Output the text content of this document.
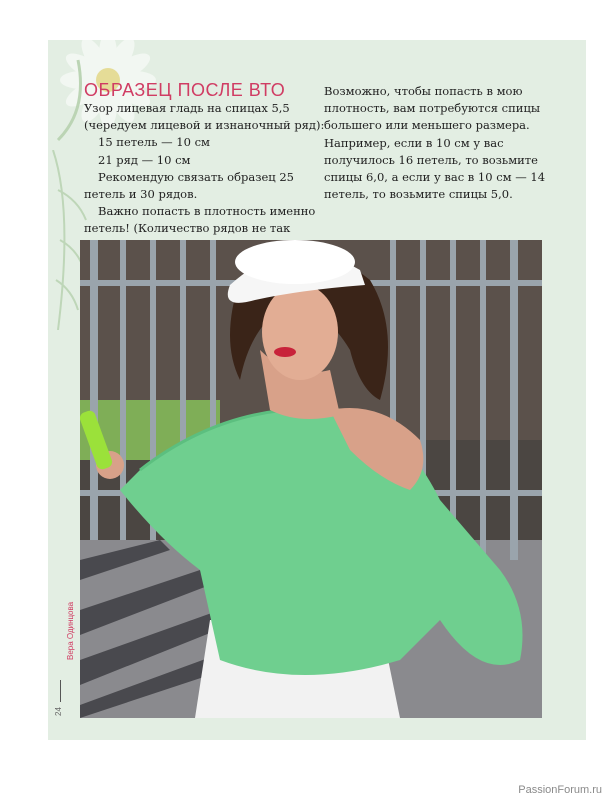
ОБРАЗЕЦ ПОСЛЕ ВТО

Узор лицевая гладь на спицах 5,5 (чередуем лицевой и изнаночный ряд):

15 петель — 10 см

21 ряд — 10 см

Рекомендую связать образец 25 петель и 30 рядов.

Важно попасть в плотность именно петель! (Количество рядов не так

Возможно, чтобы попасть в мою плотность, вам потребуются спицы большего или меньшего размера. Например, если в 10 см у вас получилось 16 петель, то возьмите спицы 6,0, а если у вас в 10 см — 14 петель, то возьмите спицы 5,0.

Вера Одинцова
24
PassionForum.ru
